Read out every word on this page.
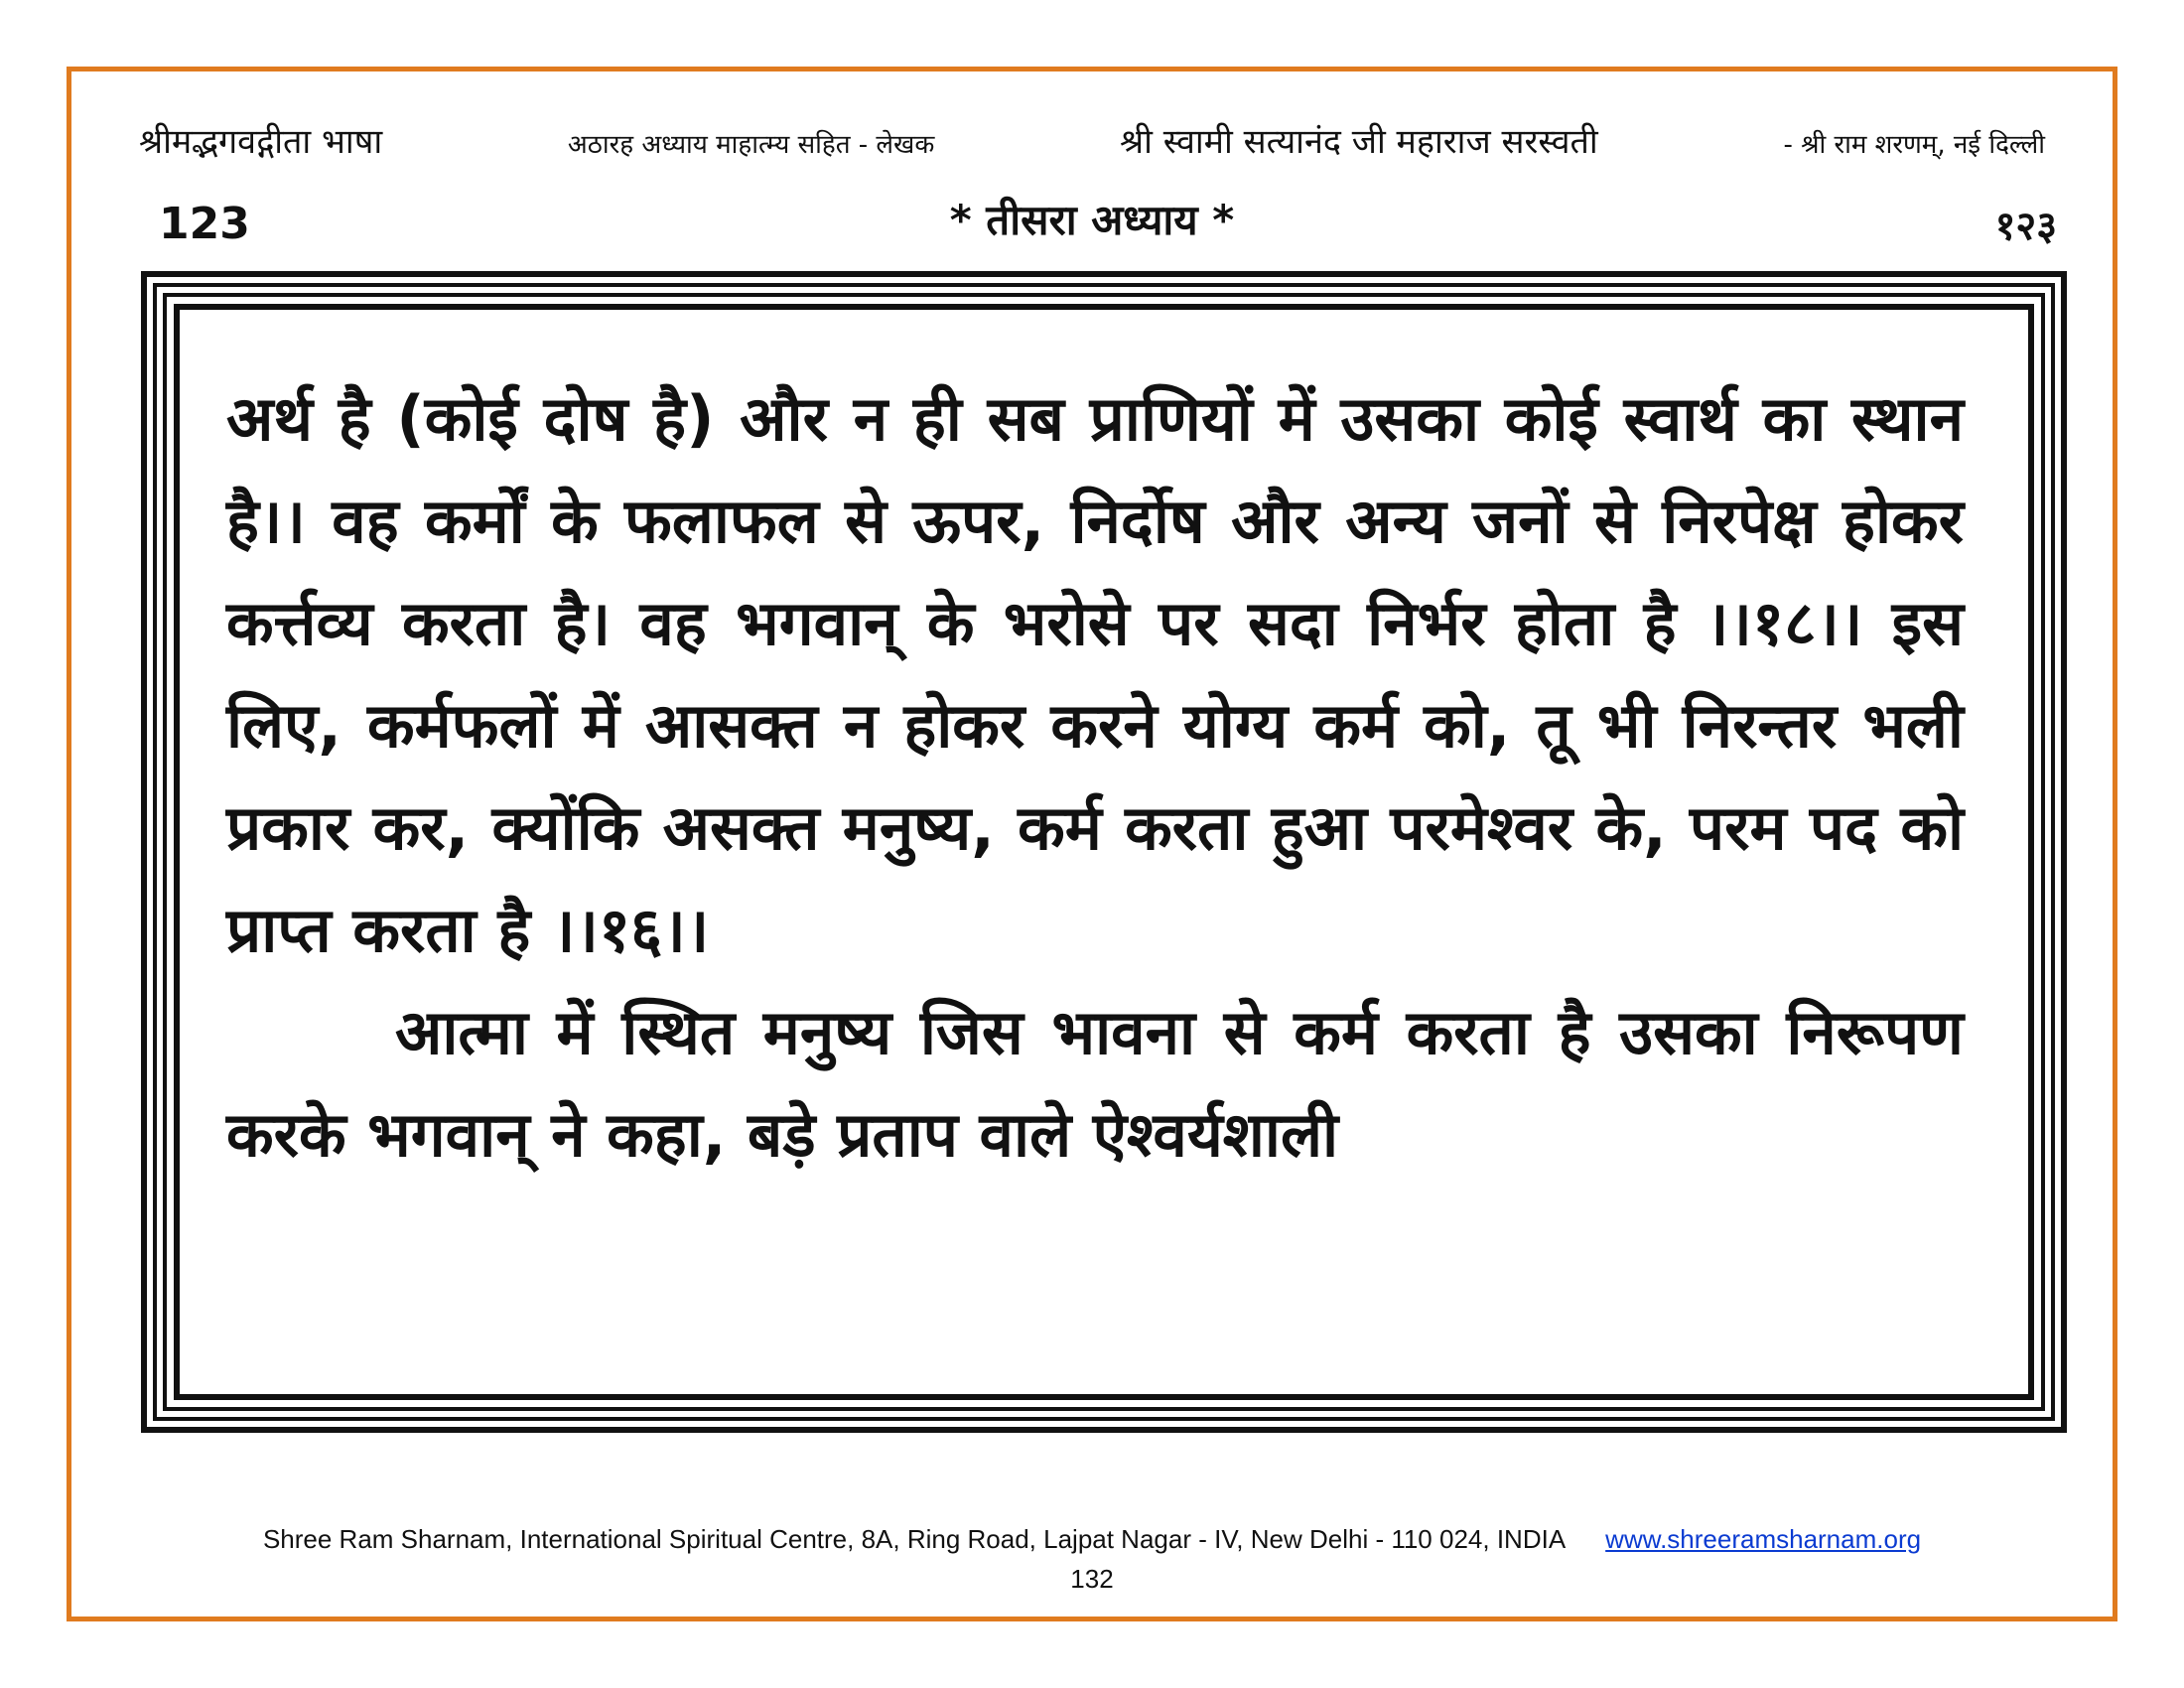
श्रीमद्भगवद्गीता भाषा	अठारह अध्याय माहात्म्य सहित - लेखक	श्री स्वामी सत्यानंद जी महाराज सरस्वती	- श्री राम शरणम्, नई दिल्ली
123	* तीसरा अध्याय *	१२३

अर्थ है (कोई दोष है) और न ही सब प्राणियों में उसका कोई स्वार्थ का स्थान है।। वह कर्मों के फलाफल से ऊपर, निर्दोष और अन्य जनों से निरपेक्ष होकर कर्त्तव्य करता है। वह भगवान् के भरोसे पर सदा निर्भर होता है ।।१८।। इस लिए, कर्मफलों में आसक्त न होकर करने योग्य कर्म को, तू भी निरन्तर भली प्रकार कर, क्योंकि असक्त मनुष्य, कर्म करता हुआ परमेश्वर के, परम पद को प्राप्त करता है ।।१६।।

आत्मा में स्थित मनुष्य जिस भावना से कर्म करता है उसका निरूपण करके भगवान् ने कहा, बड़े प्रताप वाले ऐश्वर्यशाली

Shree Ram Sharnam, International Spiritual Centre, 8A, Ring Road, Lajpat Nagar - IV, New Delhi - 110 024, INDIA www.shreeramsharnam.org
132
